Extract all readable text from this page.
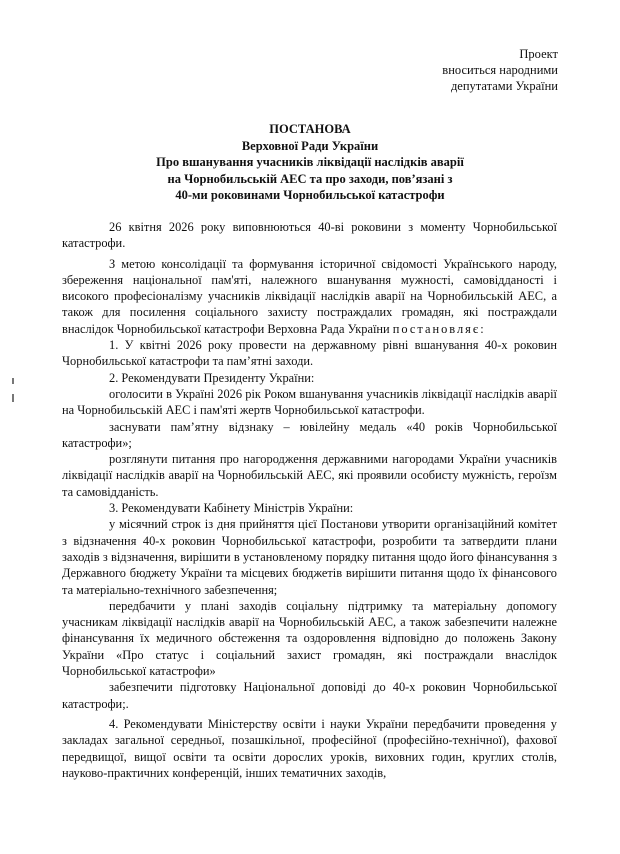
Проект
вноситься народними
депутатами України
ПОСТАНОВА
Верховної Ради України
Про вшанування учасників ліквідації наслідків аварії
на Чорнобильській АЕС та про заходи, пов’язані з
40-ми роковинами Чорнобильської катастрофи

26 квітня 2026 року виповнюються 40-ві роковини з моменту Чорнобильської катастрофи.

З метою консолідації та формування історичної свідомості Українського народу, збереження національної пам'яті, належного вшанування мужності, самовідданості і високого професіоналізму учасників ліквідації наслідків аварії на Чорнобильській АЕС, а також для посилення соціального захисту постраждалих громадян, які постраждали внаслідок Чорнобильської катастрофи Верховна Рада України постановляє:

1. У квітні 2026 року провести на державному рівні вшанування 40-х роковин Чорнобильської катастрофи та пам’ятні заходи.

2. Рекомендувати Президенту України:

оголосити в Україні 2026 рік Роком вшанування учасників ліквідації наслідків аварії на Чорнобильській АЕС і пам'яті жертв Чорнобильської катастрофи.

заснувати пам’ятну відзнаку – ювілейну медаль «40 років Чорнобильської катастрофи»;

розглянути питання про нагородження державними нагородами України учасників ліквідації наслідків аварії на Чорнобильській АЕС, які проявили особисту мужність, героїзм та самовідданість.

3. Рекомендувати Кабінету Міністрів України:

у місячний строк із дня прийняття цієї Постанови утворити організаційний комітет з відзначення 40-х роковин Чорнобильської катастрофи, розробити та затвердити плани заходів з відзначення, вирішити в установленому порядку питання щодо його фінансування з Державного бюджету України та місцевих бюджетів вирішити питання щодо їх фінансового та матеріально-технічного забезпечення;

передбачити у плані заходів соціальну підтримку та матеріальну допомогу учасникам ліквідації наслідків аварії на Чорнобильській АЕС, а також забезпечити належне фінансування їх медичного обстеження та оздоровлення відповідно до положень Закону України «Про статус і соціальний захист громадян, які постраждали внаслідок Чорнобильської катастрофи»

забезпечити підготовку Національної доповіді до 40-х роковин Чорнобильської катастрофи;.

4. Рекомендувати Міністерству освіти і науки України передбачити проведення у закладах загальної середньої, позашкільної, професійної (професійно-технічної), фахової передвищої, вищої освіти та освіти дорослих уроків, виховних годин, круглих столів, науково-практичних конференцій, інших тематичних заходів,
